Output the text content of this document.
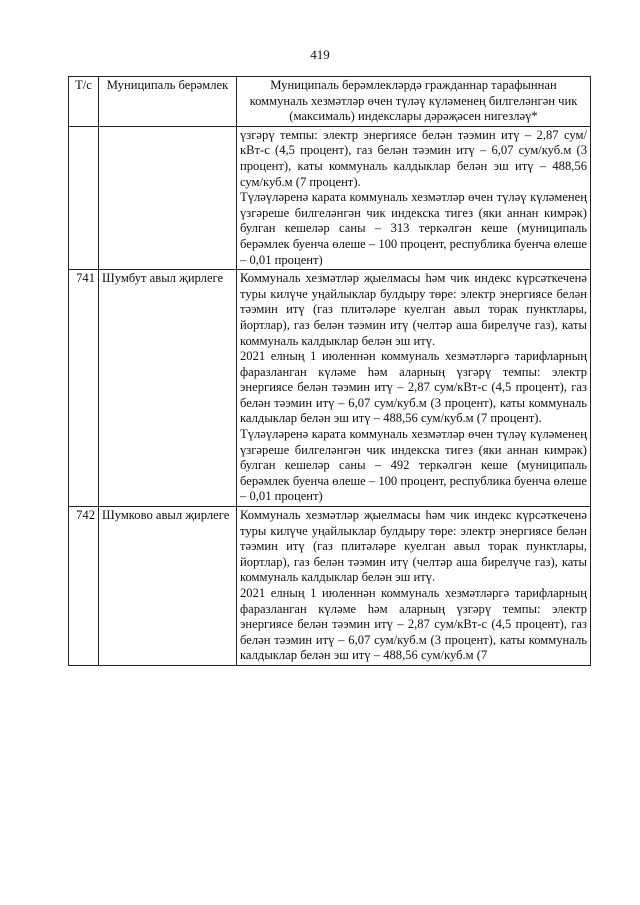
419
Т/с	Муниципаль берәмлек	Муниципаль берәмлекләрдә гражданнар тарафыннан коммуналь хезмәтләр өчен түләү күләменең билгеләнгән чик (максималь) индекслары дәрәҗәсен нигезләү*

		үзгәрү темпы: электр энергиясе белән тәэмин итү – 2,87 сум/кВт-с (4,5 процент), газ белән тәэмин итү – 6,07 сум/куб.м (3 процент), каты коммуналь калдыклар белән эш итү – 488,56 сум/куб.м (7 процент).

Түләүләренә карата коммуналь хезмәтләр өчен түләү күләменең үзгәреше билгеләнгән чик индекска тигез (яки аннан кимрәк) булган кешеләр саны – 313 теркәлгән кеше (муниципаль берәмлек буенча өлеше – 100 процент, республика буенча өлеше – 0,01 процент)

741	Шумбут авыл җирлеге	Коммуналь хезмәтләр җыелмасы һәм чик индекс күрсәткеченә туры килүче уңайлыклар булдыру төре: электр энергиясе белән тәэмин итү (газ плитәләре куелган авыл торак пунктлары, йортлар), газ белән тәэмин итү (челтәр аша бирелүче газ), каты коммуналь калдыклар белән эш итү.

2021 елның 1 июленнән коммуналь хезмәтләргә тарифларның фаразланган күләме һәм аларның үзгәрү темпы: электр энергиясе белән тәэмин итү – 2,87 сум/кВт-с (4,5 процент), газ белән тәэмин итү – 6,07 сум/куб.м (3 процент), каты коммуналь калдыклар белән эш итү – 488,56 сум/куб.м (7 процент).

Түләүләренә карата коммуналь хезмәтләр өчен түләү күләменең үзгәреше билгеләнгән чик индекска тигез (яки аннан кимрәк) булган кешеләр саны – 492 теркәлгән кеше (муниципаль берәмлек буенча өлеше – 100 процент, республика буенча өлеше – 0,01 процент)

742	Шумково авыл җирлеге	Коммуналь хезмәтләр җыелмасы һәм чик индекс күрсәткеченә туры килүче уңайлыклар булдыру төре: электр энергиясе белән тәэмин итү (газ плитәләре куелган авыл торак пунктлары, йортлар), газ белән тәэмин итү (челтәр аша бирелүче газ), каты коммуналь калдыклар белән эш итү.

2021 елның 1 июленнән коммуналь хезмәтләргә тарифларның фаразланган күләме һәм аларның үзгәрү темпы: электр энергиясе белән тәэмин итү – 2,87 сум/кВт-с (4,5 процент), газ белән тәэмин итү – 6,07 сум/куб.м (3 процент), каты коммуналь калдыклар белән эш итү – 488,56 сум/куб.м (7
